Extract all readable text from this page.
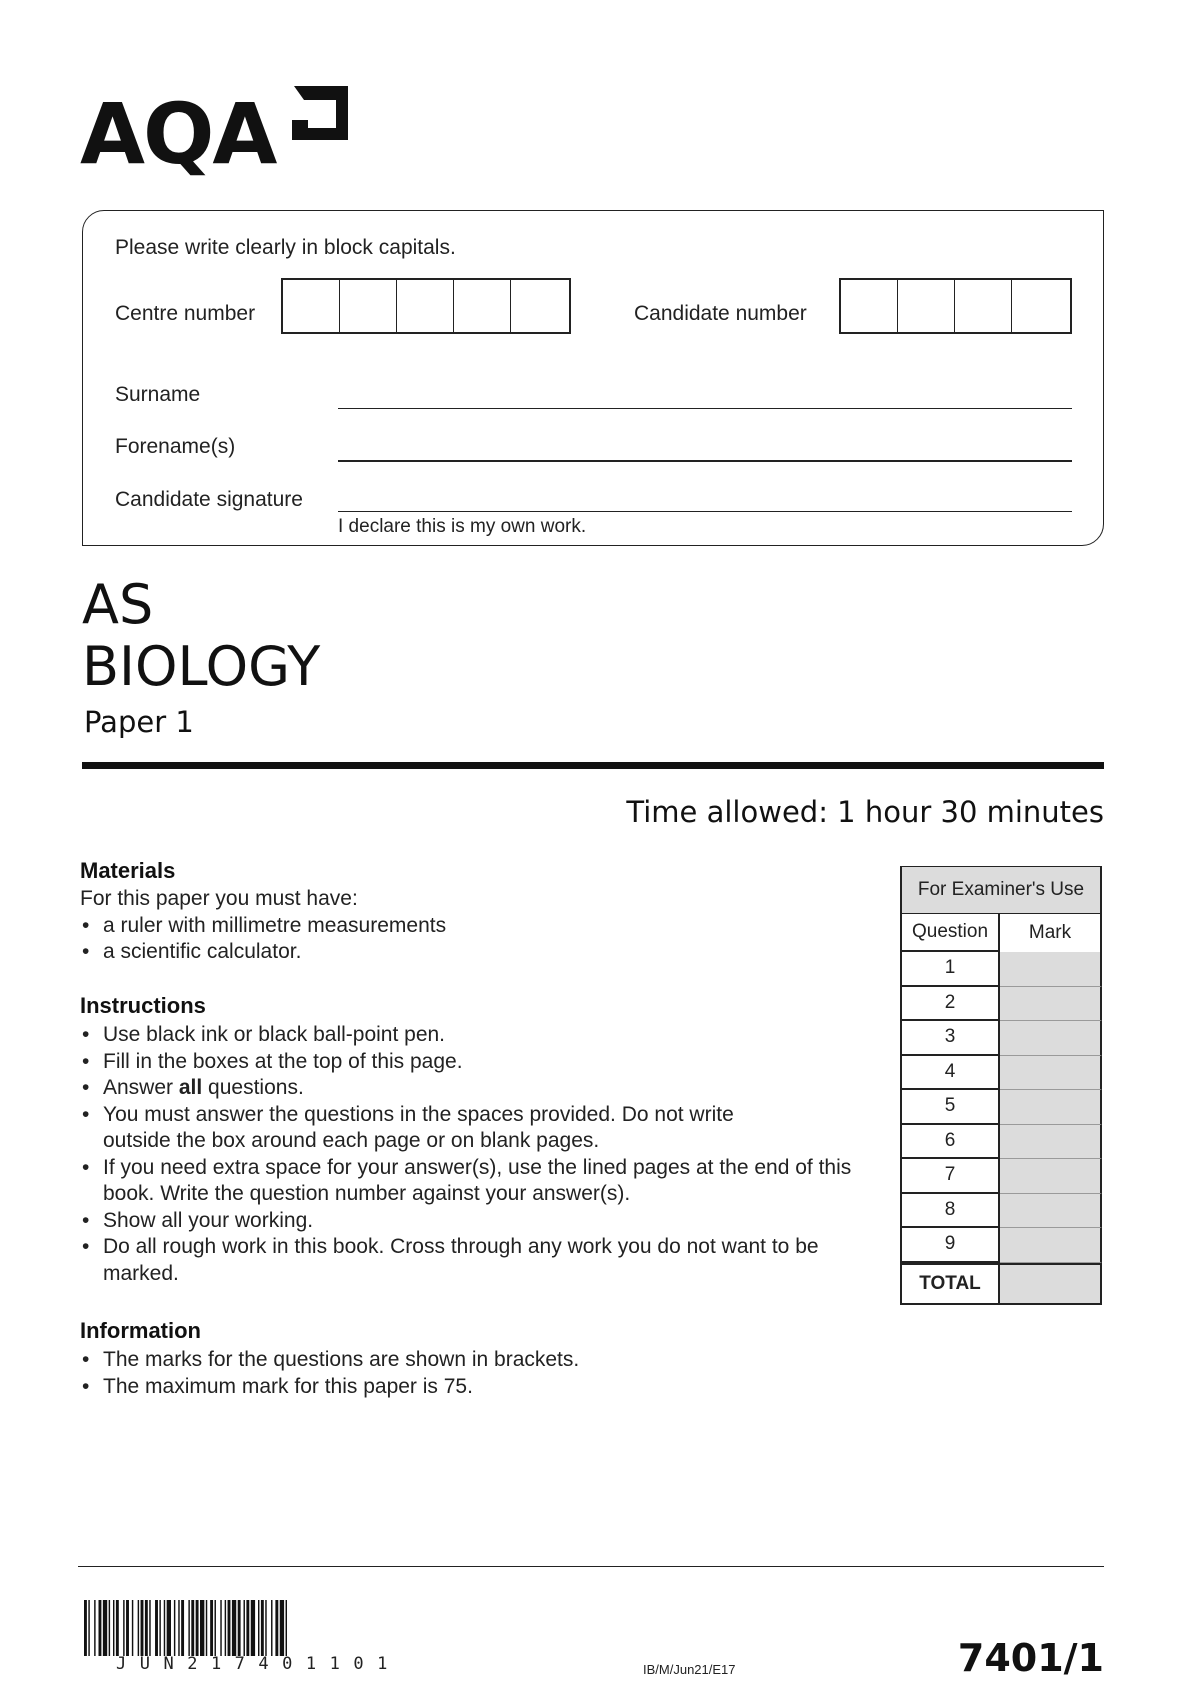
AQA
Please write clearly in block capitals.
Centre number	Candidate number
Surname
Forename(s)
Candidate signature
I declare this is my own work.
AS
BIOLOGY
Paper 1
Time allowed: 1 hour 30 minutes
Materials
For this paper you must have:
• a ruler with millimetre measurements
• a scientific calculator.
Instructions
• Use black ink or black ball-point pen.
• Fill in the boxes at the top of this page.
• Answer all questions.
• You must answer the questions in the spaces provided. Do not write outside the box around each page or on blank pages.
• If you need extra space for your answer(s), use the lined pages at the end of this book. Write the question number against your answer(s).
• Show all your working.
• Do all rough work in this book. Cross through any work you do not want to be marked.
Information
• The marks for the questions are shown in brackets.
• The maximum mark for this paper is 75.
For Examiner's Use
Question	Mark
1
2
3
4
5
6
7
8
9
TOTAL
JUN217401101	IB/M/Jun21/E17	7401/1
